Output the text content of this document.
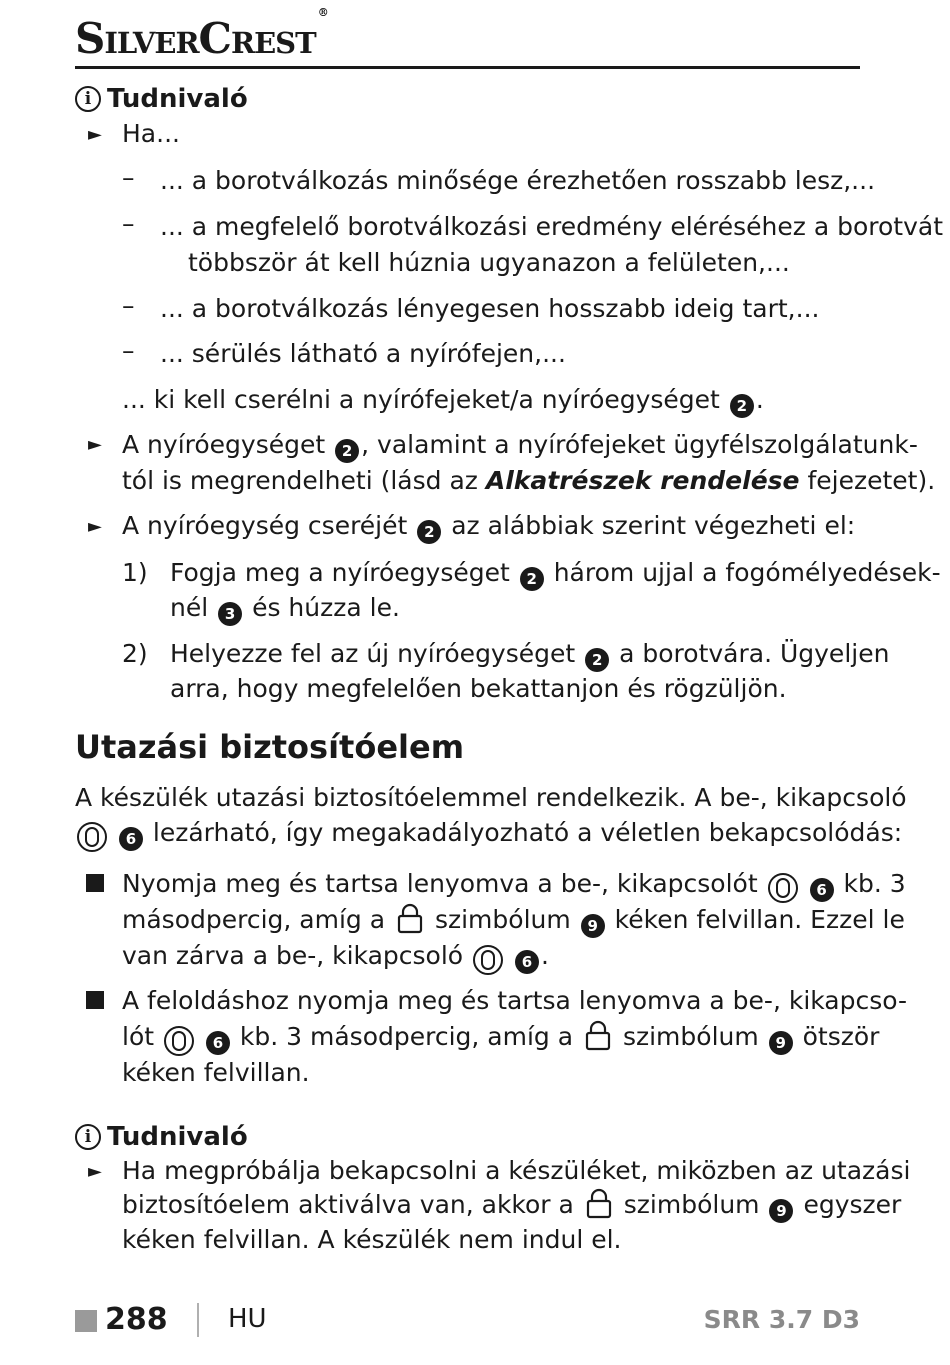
SilverCrest®
i Tudnivaló
► Ha...
– ... a borotválkozás minősége érezhetően rosszabb lesz,...
– ... a megfelelő borotválkozási eredmény eléréséhez a borotvát
többször át kell húznia ugyanazon a felületen,...
– ... a borotválkozás lényegesen hosszabb ideig tart,...
– ... sérülés látható a nyírófejen,...
... ki kell cserélni a nyírófejeket/a nyíróegységet 2 .
► A nyíróegységet 2 , valamint a nyírófejeket ügyfélszolgálatunk-
tól is megrendelheti (lásd az Alkatrészek rendelése fejezetet).
► A nyíróegység cseréjét 2 az alábbiak szerint végezheti el:
1) Fogja meg a nyíróegységet 2 három ujjal a fogómélyedések-
nél 3 és húzza le.
2) Helyezze fel az új nyíróegységet 2 a borotvára. Ügyeljen
arra, hogy megfelelően bekattanjon és rögzüljön.
Utazási biztosítóelem
A készülék utazási biztosítóelemmel rendelkezik. A be-, kikapcsoló
6 lezárható, így megakadályozható a véletlen bekapcsolódás:
Nyomja meg és tartsa lenyomva a be-, kikapcsolót	6 kb. 3
másodpercig, amíg a szimbólum 9 kéken felvillan. Ezzel le
van zárva a be-, kikapcsoló	6 .
A feloldáshoz nyomja meg és tartsa lenyomva a be-, kikapcso-
lót	6 kb. 3 másodpercig, amíg a szimbólum 9 ötször
kéken felvillan.
i Tudnivaló
► Ha megpróbálja bekapcsolni a készüléket, miközben az utazási
biztosítóelem aktiválva van, akkor a szimbólum 9 egyszer
kéken felvillan. A készülék nem indul el.
288 HU	SRR 3.7 D3
